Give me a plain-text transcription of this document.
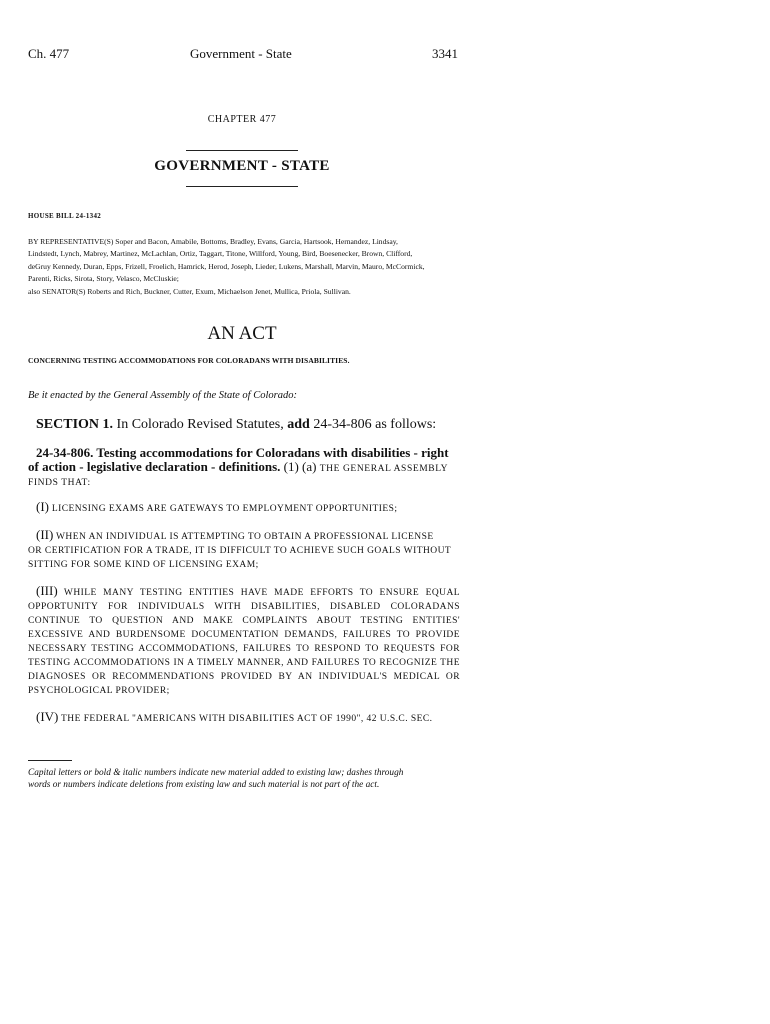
Ch. 477	Government - State	3341
CHAPTER 477
GOVERNMENT - STATE
HOUSE BILL 24-1342
BY REPRESENTATIVE(S) Soper and Bacon, Amabile, Bottoms, Bradley, Evans, Garcia, Hartsook, Hernandez, Lindsay,
Lindstedt, Lynch, Mabrey, Martinez, McLachlan, Ortiz, Taggart, Titone, Willford, Young, Bird, Boesenecker, Brown, Clifford,
deGruy Kennedy, Duran, Epps, Frizell, Froelich, Hamrick, Herod, Joseph, Lieder, Lukens, Marshall, Marvin, Mauro, McCormick,
Parenti, Ricks, Sirota, Story, Velasco, McCluskie;
also SENATOR(S) Roberts and Rich, Buckner, Cutter, Exum, Michaelson Jenet, Mullica, Priola, Sullivan.
AN ACT
CONCERNING TESTING ACCOMMODATIONS FOR COLORADANS WITH DISABILITIES.
Be it enacted by the General Assembly of the State of Colorado:
SECTION 1. In Colorado Revised Statutes, add 24-34-806 as follows:
24-34-806. Testing accommodations for Coloradans with disabilities - right
of action - legislative declaration - definitions. (1) (a) THE GENERAL ASSEMBLY
FINDS THAT:
(I) LICENSING EXAMS ARE GATEWAYS TO EMPLOYMENT OPPORTUNITIES;
(II) WHEN AN INDIVIDUAL IS ATTEMPTING TO OBTAIN A PROFESSIONAL LICENSE
OR CERTIFICATION FOR A TRADE, IT IS DIFFICULT TO ACHIEVE SUCH GOALS WITHOUT
SITTING FOR SOME KIND OF LICENSING EXAM;
(III) WHILE MANY TESTING ENTITIES HAVE MADE EFFORTS TO ENSURE EQUAL
OPPORTUNITY FOR INDIVIDUALS WITH DISABILITIES, DISABLED COLORADANS
CONTINUE TO QUESTION AND MAKE COMPLAINTS ABOUT TESTING ENTITIES'
EXCESSIVE AND BURDENSOME DOCUMENTATION DEMANDS, FAILURES TO PROVIDE
NECESSARY TESTING ACCOMMODATIONS, FAILURES TO RESPOND TO REQUESTS FOR
TESTING ACCOMMODATIONS IN A TIMELY MANNER, AND FAILURES TO RECOGNIZE THE
DIAGNOSES OR RECOMMENDATIONS PROVIDED BY AN INDIVIDUAL'S MEDICAL OR
PSYCHOLOGICAL PROVIDER;
(IV) THE FEDERAL "AMERICANS WITH DISABILITIES ACT OF 1990", 42 U.S.C. SEC.
Capital letters or bold & italic numbers indicate new material added to existing law; dashes through
words or numbers indicate deletions from existing law and such material is not part of the act.
